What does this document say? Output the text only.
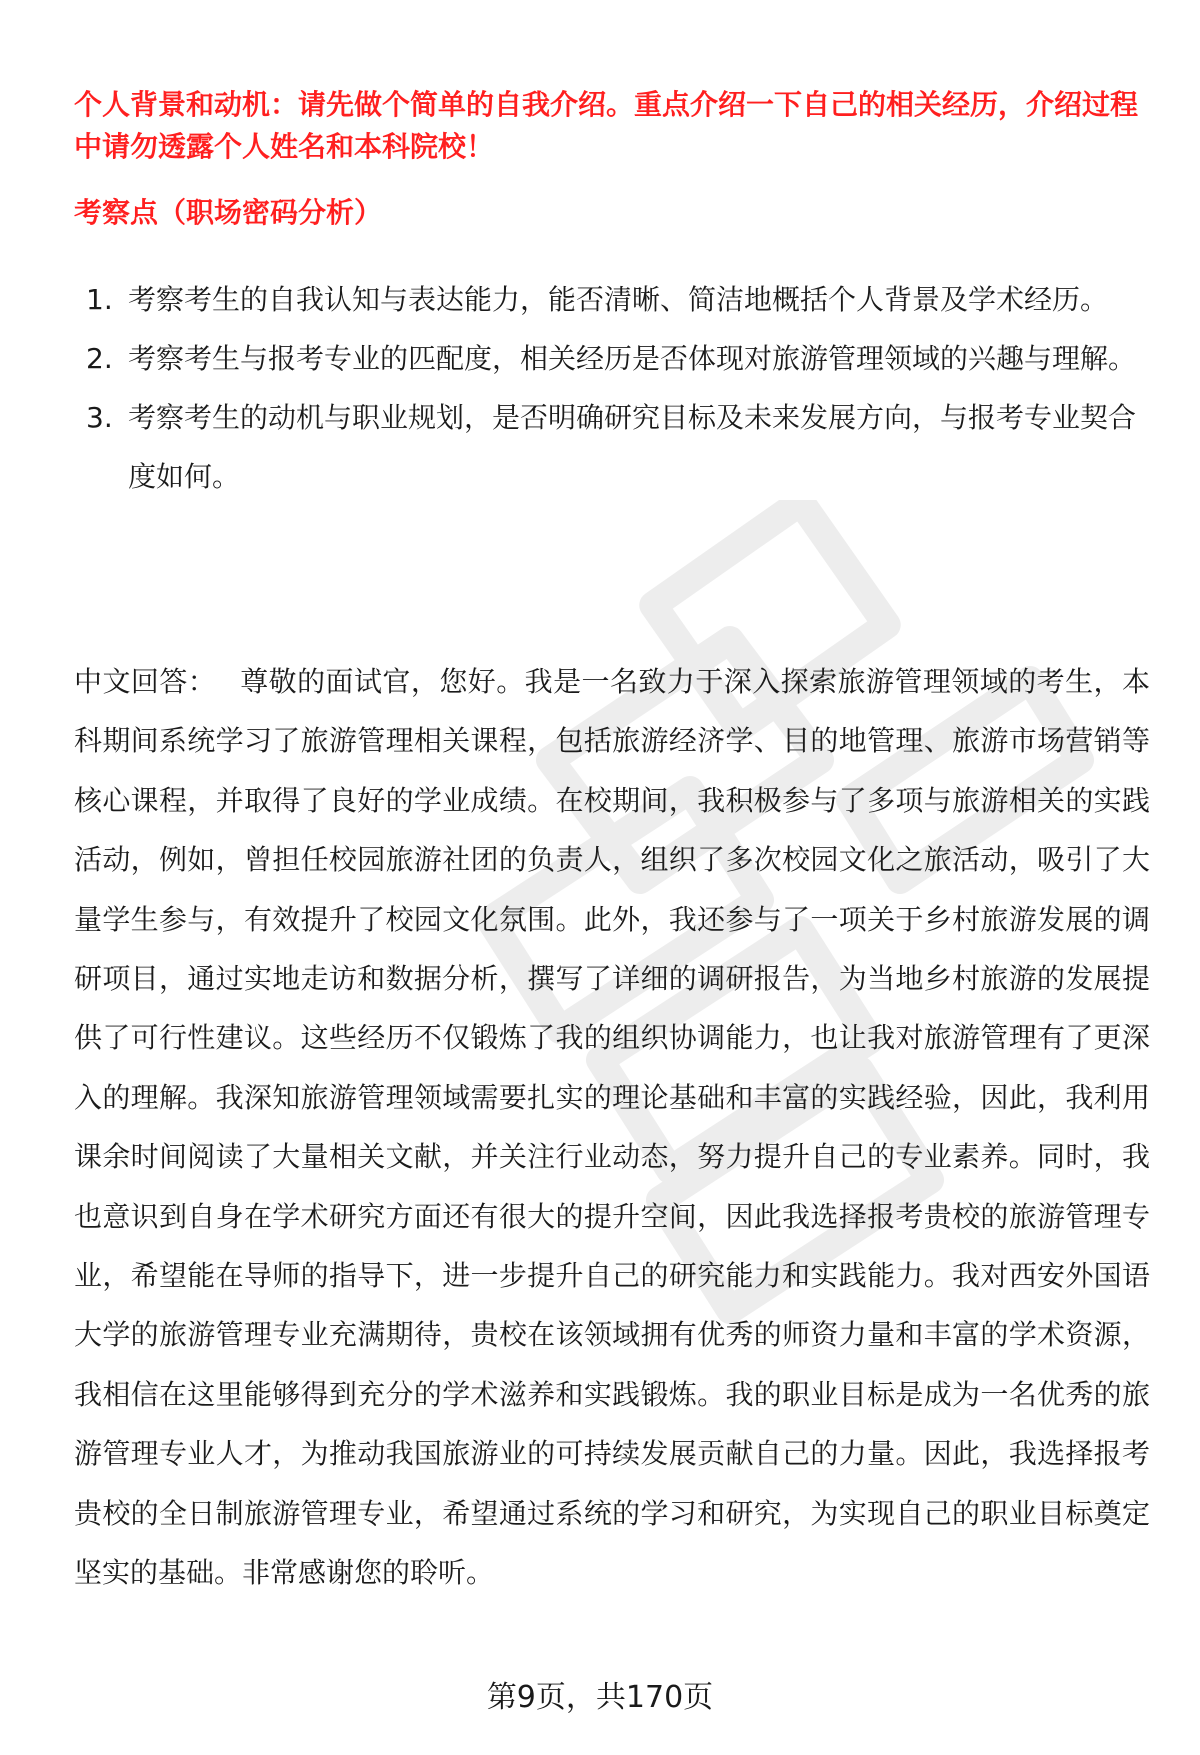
个人背景和动机：请先做个简单的自我介绍。重点介绍一下自己的相关经历，介绍过程中请勿透露个人姓名和本科院校！

考察点（职场密码分析）

1. 考察考生的自我认知与表达能力，能否清晰、简洁地概括个人背景及学术经历。
2. 考察考生与报考专业的匹配度，相关经历是否体现对旅游管理领域的兴趣与理解。
3. 考察考生的动机与职业规划，是否明确研究目标及未来发展方向，与报考专业契合度如何。

中文回答： 尊敬的面试官，您好。我是一名致力于深入探索旅游管理领域的考生，本科期间系统学习了旅游管理相关课程，包括旅游经济学、目的地管理、旅游市场营销等核心课程，并取得了良好的学业成绩。在校期间，我积极参与了多项与旅游相关的实践活动，例如，曾担任校园旅游社团的负责人，组织了多次校园文化之旅活动，吸引了大量学生参与，有效提升了校园文化氛围。此外，我还参与了一项关于乡村旅游发展的调研项目，通过实地走访和数据分析，撰写了详细的调研报告，为当地乡村旅游的发展提供了可行性建议。这些经历不仅锻炼了我的组织协调能力，也让我对旅游管理有了更深入的理解。我深知旅游管理领域需要扎实的理论基础和丰富的实践经验，因此，我利用课余时间阅读了大量相关文献，并关注行业动态，努力提升自己的专业素养。同时，我也意识到自身在学术研究方面还有很大的提升空间，因此我选择报考贵校的旅游管理专业，希望能在导师的指导下，进一步提升自己的研究能力和实践能力。我对西安外国语大学的旅游管理专业充满期待，贵校在该领域拥有优秀的师资力量和丰富的学术资源，我相信在这里能够得到充分的学术滋养和实践锻炼。我的职业目标是成为一名优秀的旅游管理专业人才，为推动我国旅游业的可持续发展贡献自己的力量。因此，我选择报考贵校的全日制旅游管理专业，希望通过系统的学习和研究，为实现自己的职业目标奠定坚实的基础。非常感谢您的聆听。

第9页，共170页
